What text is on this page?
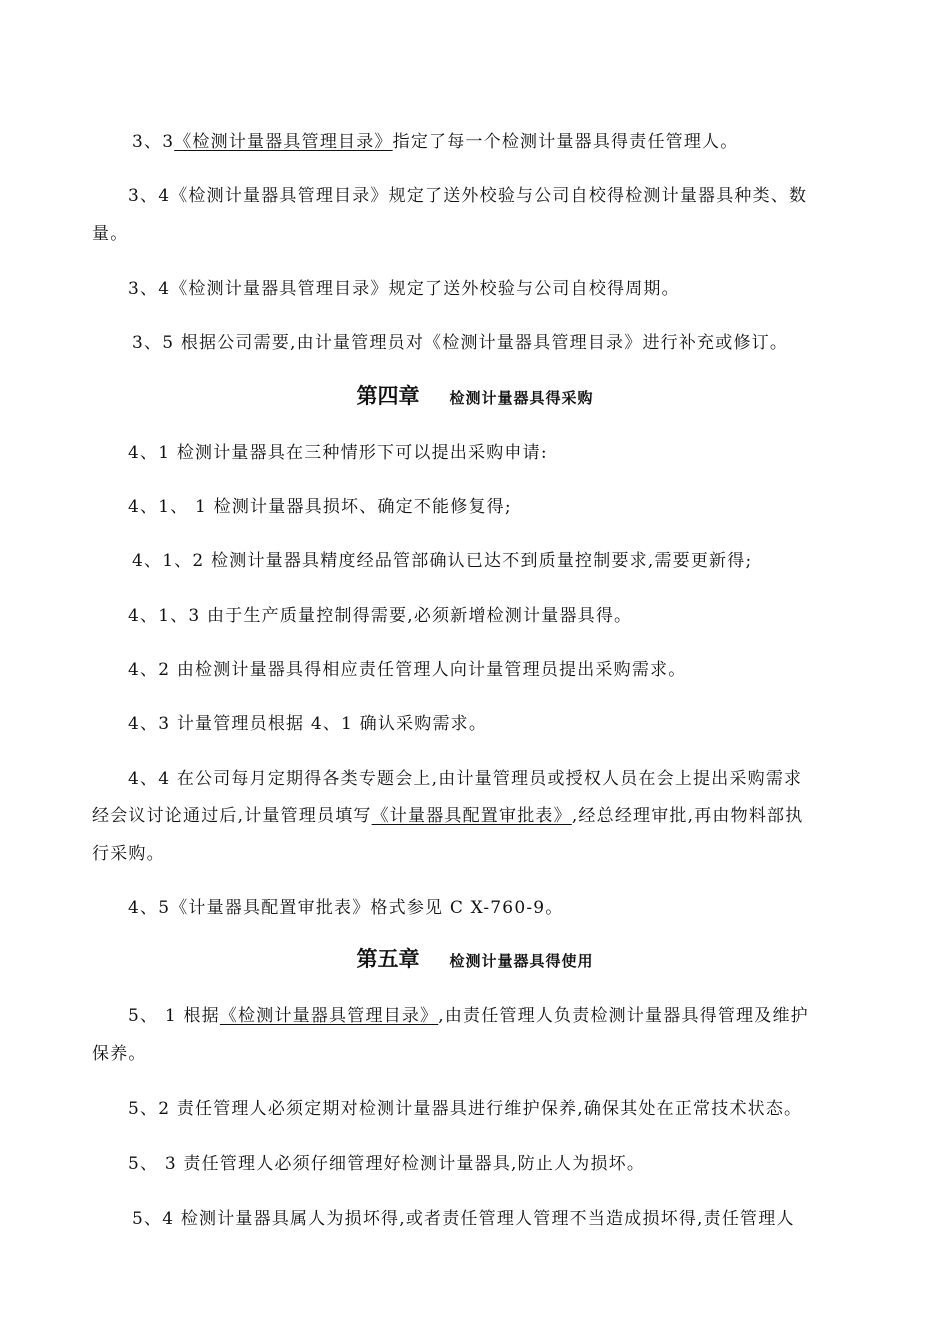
3、3《检测计量器具管理目录》指定了每一个检测计量器具得责任管理人。
3、4《检测计量器具管理目录》规定了送外校验与公司自校得检测计量器具种类、数
量。
3、4《检测计量器具管理目录》规定了送外校验与公司自校得周期。
3、5 根据公司需要,由计量管理员对《检测计量器具管理目录》进行补充或修订。
第四章 检测计量器具得采购
4、1 检测计量器具在三种情形下可以提出采购申请:
4、1、 1 检测计量器具损坏、确定不能修复得;
4、1、2 检测计量器具精度经品管部确认已达不到质量控制要求,需要更新得;
4、1、3 由于生产质量控制得需要,必须新增检测计量器具得。
4、2 由检测计量器具得相应责任管理人向计量管理员提出采购需求。
4、3 计量管理员根据 4、1 确认采购需求。
4、4 在公司每月定期得各类专题会上,由计量管理员或授权人员在会上提出采购需求
经会议讨论通过后,计量管理员填写《计量器具配置审批表》,经总经理审批,再由物料部执
行采购。
4、5《计量器具配置审批表》格式参见 C X-760-9。
第五章 检测计量器具得使用
5、 1 根据《检测计量器具管理目录》,由责任管理人负责检测计量器具得管理及维护
保养。
5、2 责任管理人必须定期对检测计量器具进行维护保养,确保其处在正常技术状态。
5、 3 责任管理人必须仔细管理好检测计量器具,防止人为损坏。
5、4 检测计量器具属人为损坏得,或者责任管理人管理不当造成损坏得,责任管理人
